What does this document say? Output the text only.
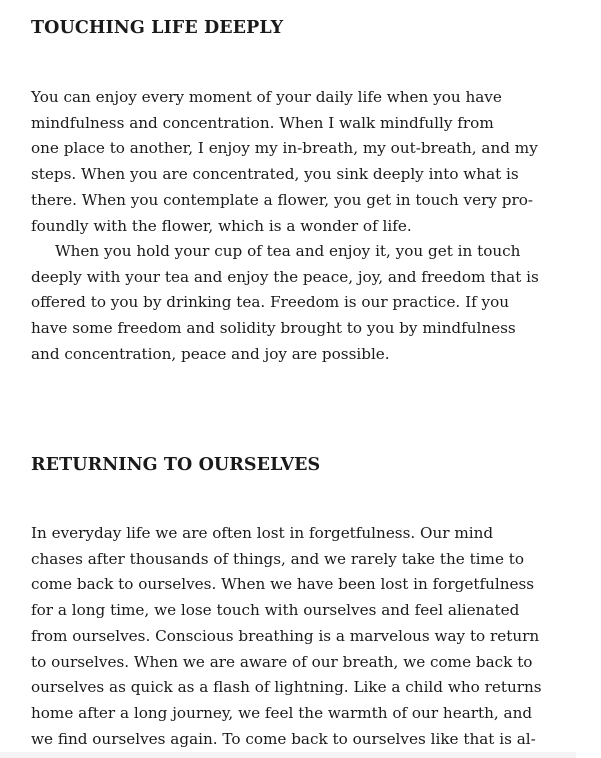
TOUCHING LIFE DEEPLY
You can enjoy every moment of your daily life when you have
mindfulness and concentration. When I walk mindfully from
one place to another, I enjoy my in-breath, my out-breath, and my
steps. When you are concentrated, you sink deeply into what is
there. When you contemplate a flower, you get in touch very pro-
foundly with the flower, which is a wonder of life.
When you hold your cup of tea and enjoy it, you get in touch
deeply with your tea and enjoy the peace, joy, and freedom that is
offered to you by drinking tea. Freedom is our practice. If you
have some freedom and solidity brought to you by mindfulness
and concentration, peace and joy are possible.
RETURNING TO OURSELVES
In everyday life we are often lost in forgetfulness. Our mind
chases after thousands of things, and we rarely take the time to
come back to ourselves. When we have been lost in forgetfulness
for a long time, we lose touch with ourselves and feel alienated
from ourselves. Conscious breathing is a marvelous way to return
to ourselves. When we are aware of our breath, we come back to
ourselves as quick as a flash of lightning. Like a child who returns
home after a long journey, we feel the warmth of our hearth, and
we find ourselves again. To come back to ourselves like that is al-
